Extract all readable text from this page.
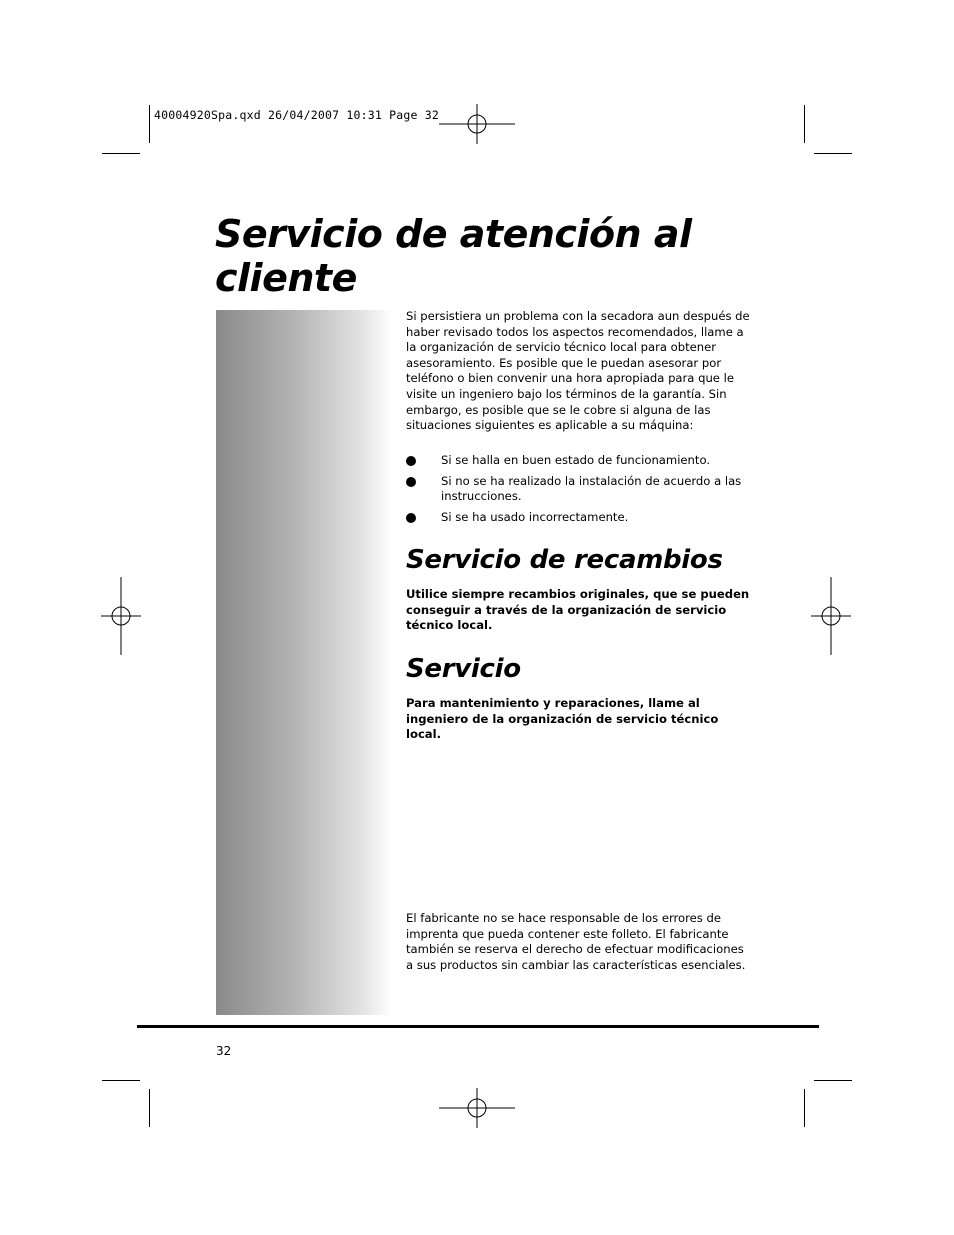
40004920Spa.qxd 26/04/2007 10:31 Page 32
Servicio de atención al cliente

Si persistiera un problema con la secadora aun después de haber revisado todos los aspectos recomendados, llame a la organización de servicio técnico local para obtener asesoramiento. Es posible que le puedan asesorar por teléfono o bien convenir una hora apropiada para que le visite un ingeniero bajo los términos de la garantía. Sin embargo, es posible que se le cobre si alguna de las situaciones siguientes es aplicable a su máquina:

Si se halla en buen estado de funcionamiento.
Si no se ha realizado la instalación de acuerdo a las instrucciones.
Si se ha usado incorrectamente.
Servicio de recambios

Utilice siempre recambios originales, que se pueden conseguir a través de la organización de servicio técnico local.

Servicio

Para mantenimiento y reparaciones, llame al ingeniero de la organización de servicio técnico local.

El fabricante no se hace responsable de los errores de imprenta que pueda contener este folleto. El fabricante también se reserva el derecho de efectuar modificaciones a sus productos sin cambiar las características esenciales.

32
